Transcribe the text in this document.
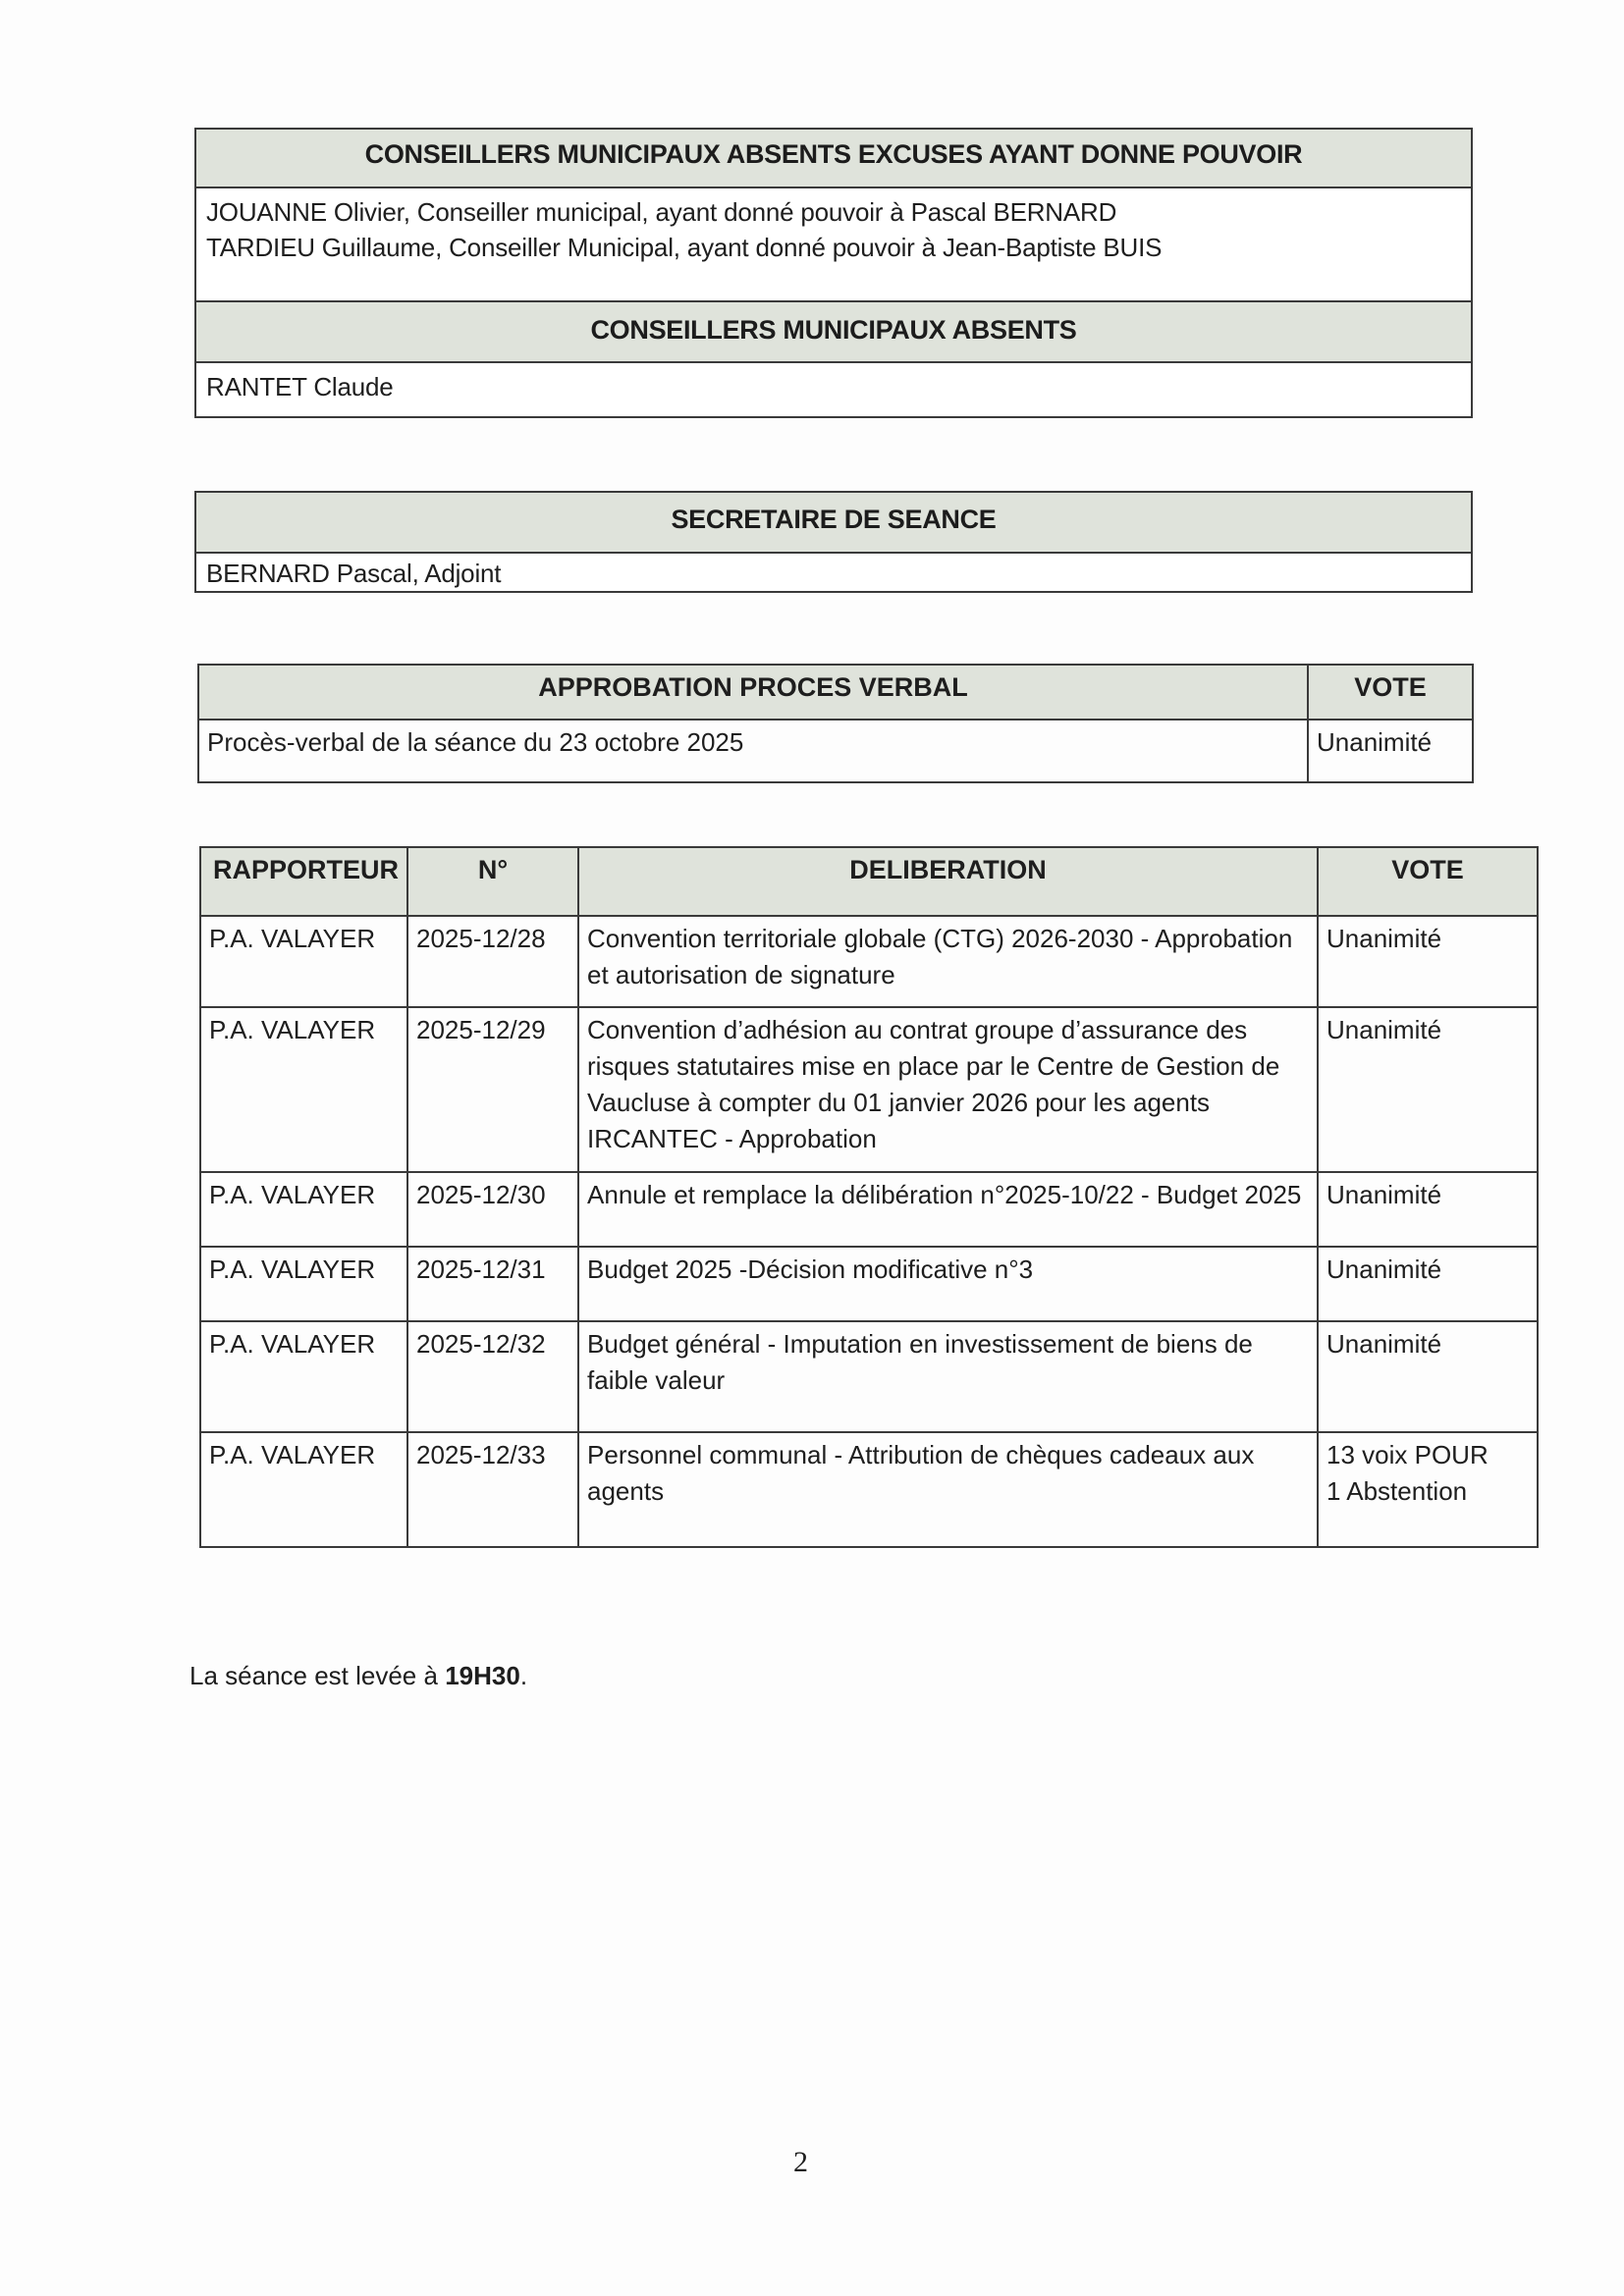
CONSEILLERS MUNICIPAUX ABSENTS EXCUSES AYANT DONNE POUVOIR
JOUANNE Olivier, Conseiller municipal, ayant donné pouvoir à Pascal BERNARD
TARDIEU Guillaume, Conseiller Municipal, ayant donné pouvoir à Jean-Baptiste BUIS
CONSEILLERS MUNICIPAUX ABSENTS
RANTET Claude
SECRETAIRE DE SEANCE
BERNARD Pascal, Adjoint
APPROBATION PROCES VERBAL	VOTE
Procès-verbal de la séance du 23 octobre 2025	Unanimité
RAPPORTEUR	N°	DELIBERATION	VOTE
P.A. VALAYER	2025-12/28	Convention territoriale globale (CTG) 2026-2030 - Approbation et autorisation de signature	Unanimité
P.A. VALAYER	2025-12/29	Convention d’adhésion au contrat groupe d’assurance des risques statutaires mise en place par le Centre de Gestion de Vaucluse à compter du 01 janvier 2026 pour les agents IRCANTEC - Approbation	Unanimité
P.A. VALAYER	2025-12/30	Annule et remplace la délibération n°2025-10/22 - Budget 2025	Unanimité
P.A. VALAYER	2025-12/31	Budget 2025 -Décision modificative n°3	Unanimité
P.A. VALAYER	2025-12/32	Budget général - Imputation en investissement de biens de faible valeur	Unanimité
P.A. VALAYER	2025-12/33	Personnel communal - Attribution de chèques cadeaux aux agents	13 voix POUR
1 Abstention
La séance est levée à 19H30.
2
